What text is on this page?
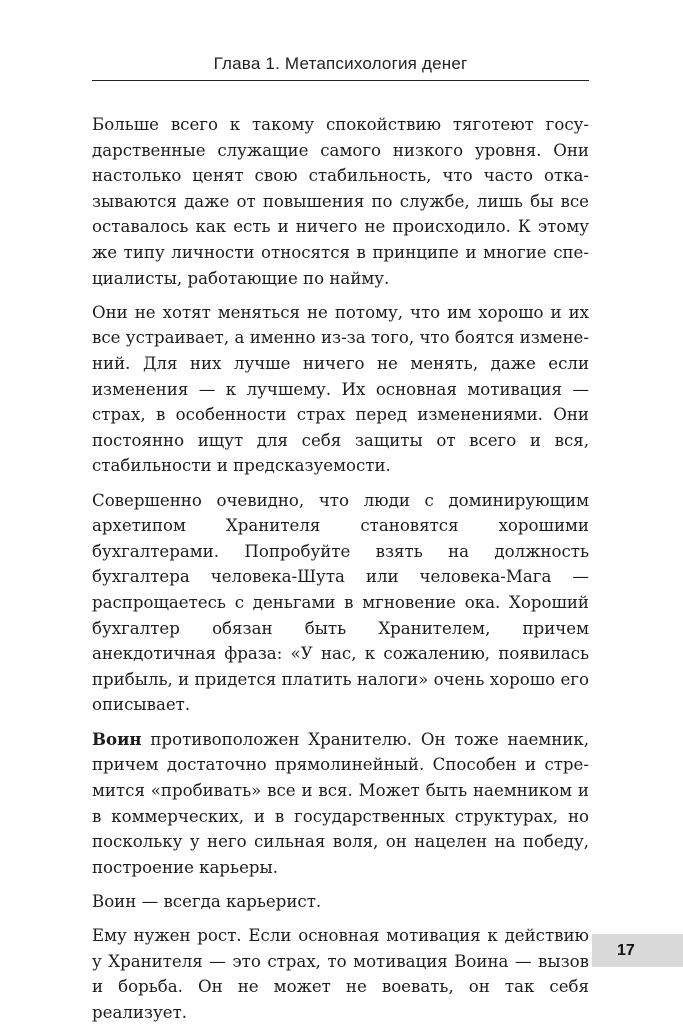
Глава 1. Метапсихология денег

Больше всего к такому спокойствию тяготеют государственные служащие самого низкого уровня. Они настолько ценят свою стабильность, что часто отказываются даже от повышения по службе, лишь бы все оставалось как есть и ничего не происходило. К этому же типу личности относятся в принципе и многие специалисты, работающие по найму.

Они не хотят меняться не потому, что им хорошо и их все устраивает, а именно из-за того, что боятся изменений. Для них лучше ничего не менять, даже если изменения — к лучшему. Их основная мотивация — страх, в особенности страх перед изменениями. Они постоянно ищут для себя защиты от всего и вся, стабильности и предсказуемости.

Совершенно очевидно, что люди с доминирующим архетипом Хранителя становятся хорошими бухгалтерами. Попробуйте взять на должность бухгалтера человека-Шута или человека-Мага — распрощаетесь с деньгами в мгновение ока. Хороший бухгалтер обязан быть Хранителем, причем анекдотичная фраза: «У нас, к сожалению, появилась прибыль, и придется платить налоги» очень хорошо его описывает.

Воин противоположен Хранителю. Он тоже наемник, причем достаточно прямолинейный. Способен и стремится «пробивать» все и вся. Может быть наемником и в коммерческих, и в государственных структурах, но поскольку у него сильная воля, он нацелен на победу, построение карьеры.

Воин — всегда карьерист.

Ему нужен рост. Если основная мотивация к действию у Хранителя — это страх, то мотивация Воина — вызов и борьба. Он не может не воевать, он так себя реализует.

17
